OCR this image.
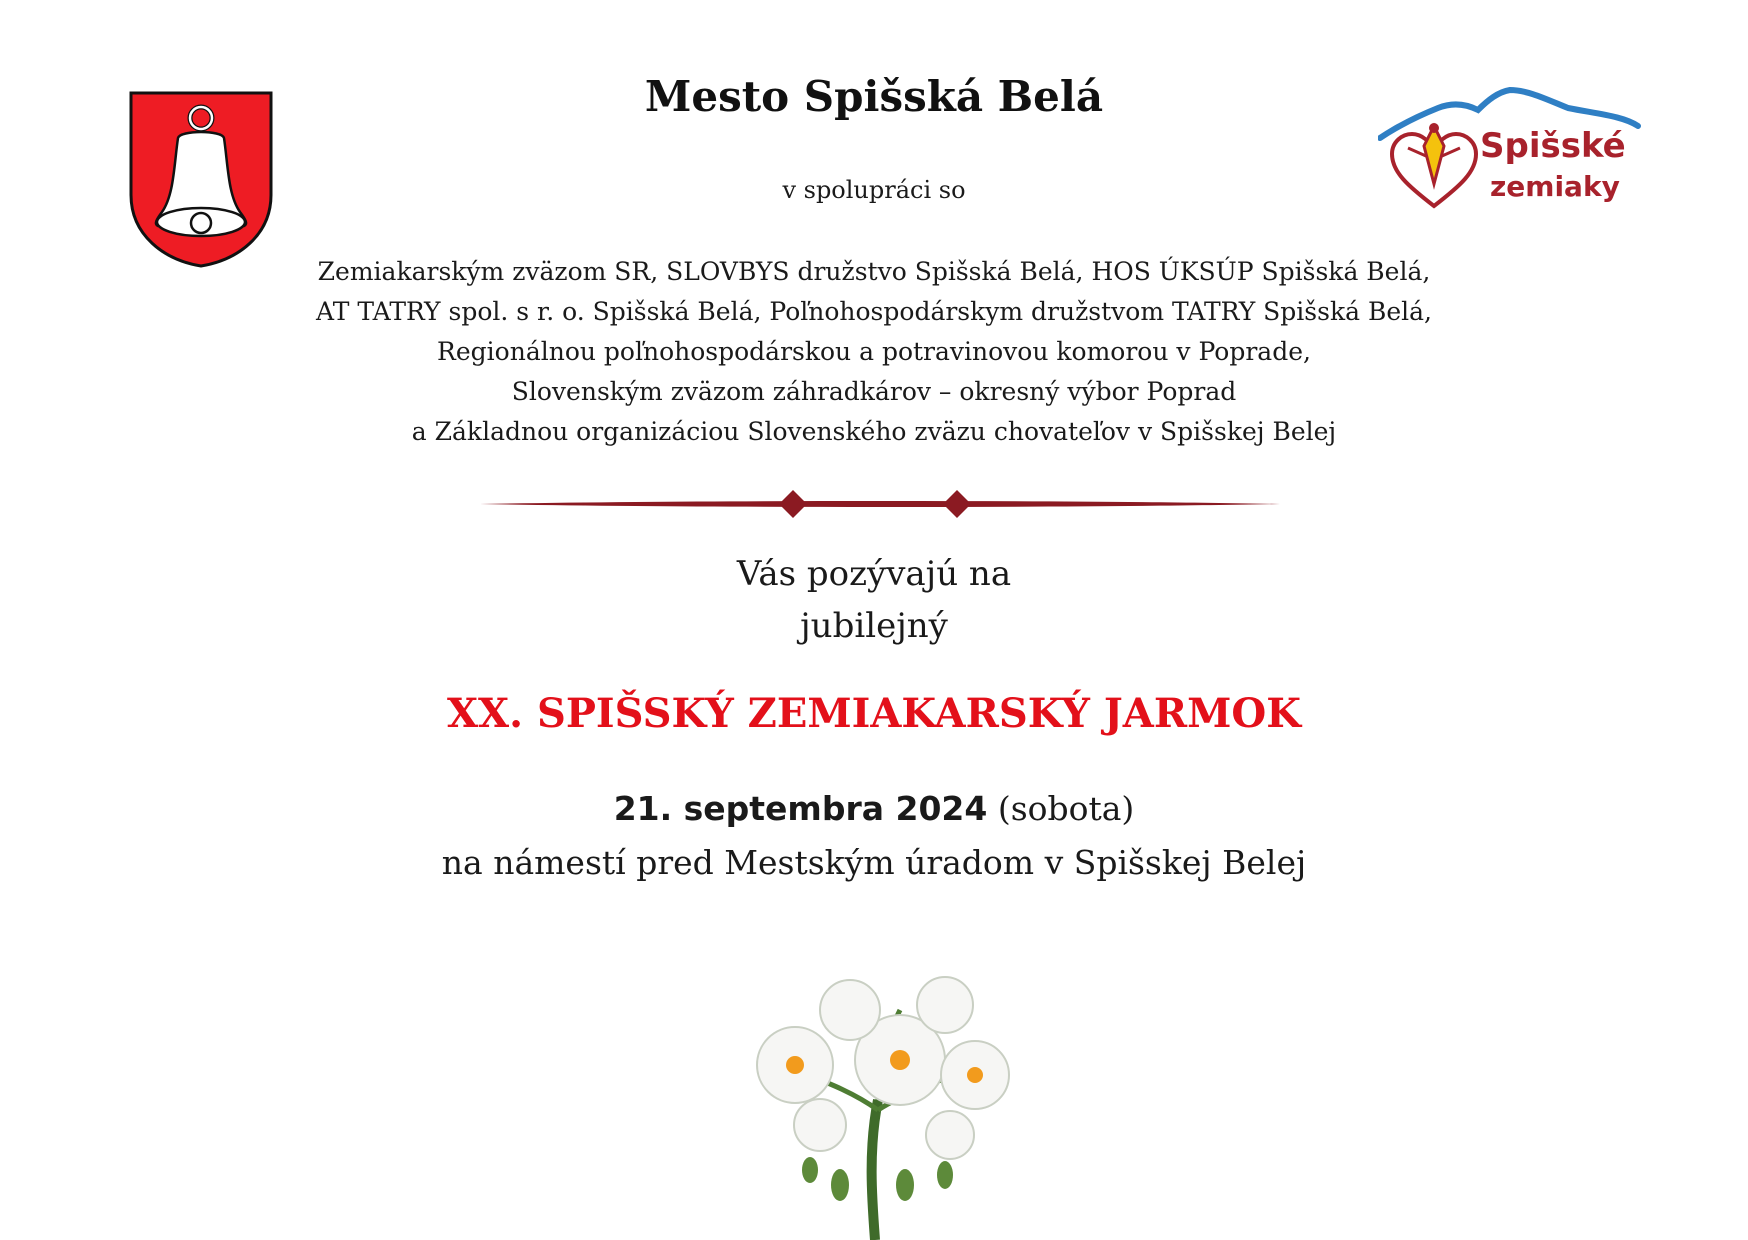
Mesto Spišská Belá
v spolupráci so
Spišské
zemiaky
Zemiakarským zväzom SR, SLOVBYS družstvo Spišská Belá, HOS ÚKSÚP Spišská Belá,
AT TATRY spol. s r. o. Spišská Belá, Poľnohospodárskym družstvom TATRY Spišská Belá,
Regionálnou poľnohospodárskou a potravinovou komorou v Poprade,
Slovenským zväzom záhradkárov – okresný výbor Poprad
a Základnou organizáciou Slovenského zväzu chovateľov v Spišskej Belej
Vás pozývajú na
jubilejný
XX. SPIŠSKÝ ZEMIAKARSKÝ JARMOK
21. septembra 2024 (sobota)
na námestí pred Mestským úradom v Spišskej Belej
